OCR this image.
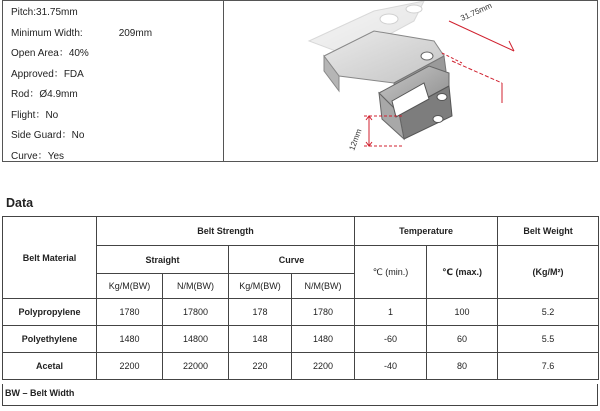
Pitch:31.75mm
Minimum Width:	209mm
Open Area：40%
Approved：FDA
Rod：Ø4.9mm
Flight：No
Side Guard：No
Curve：Yes
31.75mm
12mm
Data
Belt Material	Belt Strength				Temperature		Belt Weight
	Straight		Curve		℃ (min.)	℃ (max.)	(Kg/M²)
	Kg/M(BW)	N/M(BW)	Kg/M(BW)	N/M(BW)			
Polypropylene	1780	17800	178	1780	1	100	5.2
Polyethylene	1480	14800	148	1480	-60	60	5.5
Acetal	2200	22000	220	2200	-40	80	7.6
BW – Belt Width
